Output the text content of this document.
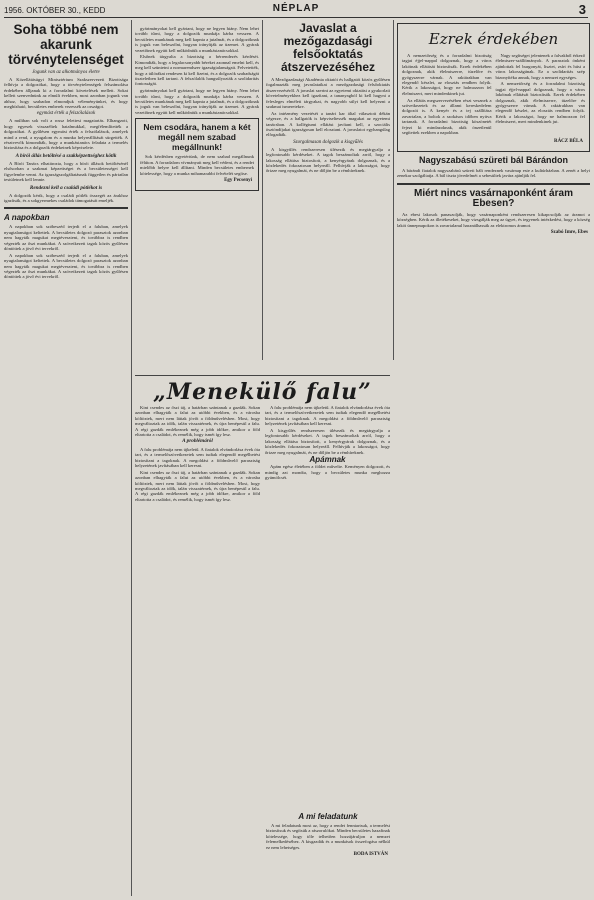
1956. OKTÓBER 30., KEDD	NÉPLAP	3
Soha többé nem akarunk törvénytelenséget
Jogunk van az alkotmányos életre

A Közellátásügyi Minisztérium Szakszervezeti Bizottsága felhívja a dolgozókat, hogy a törvénytelenségek felszámolása érdekében álljanak ki a forradalmi követelések mellett. Sokat kellett szenvednünk az elmúlt években, most azonban jogunk van ahhoz, hogy szabadon elmondjuk véleményünket, és hogy megbízható, becsületes emberek vezessék az országot.

egymást érték a felszólalások

A múltban sok volt a rossz felettesi magatartás. Elhangzott, hogy egyesek visszaéltek hatalmukkal, megfélemlítették a dolgozókat. A gyűlésen egymást érték a felszólalások, amelyek mind a rend, a nyugalom és a munka helyreállítását sürgették. A résztvevők kimondták, hogy a munkástanács feladata a termelés biztosítása és a dolgozók érdekeinek képviselete.

A bírói állás betöltésé a szakképzettséghez kötik

A Bírói Tanács elhatározta, hogy a bírói állások betöltésénél elsősorban a szakmai képzettséget és a becsületességet kell figyelembe venni. Az igazságszolgáltatásnak független és pártatlan testületnek kell lennie.

Rendezni kell a családi pótlékot is

A dolgozók kérik, hogy a családi pótlék összegét az árakhoz igazítsák, és a sokgyermekes családok támogatását emeljék.

A napokban

A napokban sok szóbeszéd terjedt el a faluban, amelyek nyugtalanságot keltettek. A becsületes dolgozó parasztok azonban nem hagyták magukat megtéveszteni, és továbbra is rendben végezték az őszi munkákat. A szövetkezeti tagok közös gyűlésen döntöttek a jövő évi tervekről.

A napokban sok szóbeszéd terjedt el a faluban, amelyek nyugtalanságot keltettek. A becsületes dolgozó parasztok azonban nem hagyták magukat megtéveszteni, és továbbra is rendben végezték az őszi munkákat. A szövetkezeti tagok közös gyűlésen döntöttek a jövő évi tervekről.

gyártmányokat kell gyártani, hogy ne legyen hiány. Nem lehet tovább tűrni, hogy a dolgozók munkája kárba vesszen. A becsületes munkának meg kell kapnia a jutalmát, és a dolgozóknak is joguk van beleszólni, hogyan irányítják az üzemet. A gyárak vezetőinek együtt kell működniük a munkástanácsokkal.

Elsőnek tárgyalta a bizottság a bérrendezés kérdését. Kimondták, hogy a legalacsonyabb béreket azonnal emelni kell, és meg kell szüntetni a normarendszer igazságtalanságait. Felvetették, hogy a túlórákat rendesen ki kell fizetni, és a dolgozók szabadságát tiszteletben kell tartani. A felszólalók hangsúlyozták a szolidaritás fontosságát.

gyártmányokat kell gyártani, hogy ne legyen hiány. Nem lehet tovább tűrni, hogy a dolgozók munkája kárba vesszen. A becsületes munkának meg kell kapnia a jutalmát, és a dolgozóknak is joguk van beleszólni, hogyan irányítják az üzemet. A gyárak vezetőinek együtt kell működniük a munkástanácsokkal.

Nem csodára, hanem a két megáll nem szabad megállnunk!

Sok kérdésben egyetértünk, de nem szabad megállnunk félúton. A forradalom vívmányait meg kell védeni, és a rendet mielőbb helyre kell állítani. Minden becsületes embernek kötelessége, hogy a munka mihamarabbi felvételét segítse.

Egy Pecsenyi
Javaslat a mezőgazdasági felsőoktatás átszervezéséhez

A Mezőgazdasági Akadémia oktatói és hallgatói közös gyűlésen fogalmazták meg javaslataikat a mezőgazdasági felsőoktatás átszervezéséről. A javaslat szerint az egyetemi oktatást a gyakorlati követelményekhez kell igazítani, a tananyagból ki kell hagyni a felesleges elméleti tárgyakat, és nagyobb súlyt kell helyezni a szakmai ismeretekre.

Az intézmény vezetését a tanári kar által választott dékán végezze, és a hallgatók is képviseltessék magukat az egyetemi tanácsban. A kollégiumi ellátást javítani kell, a szociális ösztöndíjakat igazságosan kell elosztani. A javaslatot egyhangúlag elfogadták.

Szorgalmasan dolgozik a kisgyűlés

A kisgyűlés rendszeresen ülésezik és megtárgyalja a legfontosabb kérdéseket. A tagok beszámoltak arról, hogy a lakosság ellátása biztosított, a kenyérgyárak dolgoznak, és a közlekedés fokozatosan helyreáll. Felhívják a lakosságot, hogy őrizze meg nyugalmát, és ne dőljön be a rémhíreknek.

„Menekülő falu”

Kint csendes az őszi táj, a határban szántanak a gazdák. Sokan azonban elhagyták a falut az utóbbi években, és a városba költöztek, mert nem láttak jövőt a földművelésben. Most, hogy megváltoztak az idők, talán visszatérnek, és újra benépesül a falu. A régi gazdák emlékeznek még a jobb időkre, amikor a föld eltartotta a családot, és remélik, hogy ismét így lesz.

A problémáról

A falu problémája nem újkeletű. A fiatalok elvándorlása évek óta tart, és a termelőszövetkezetek sem tudtak elegendő megélhetést biztosítani a tagoknak. A megoldást a földművelő parasztság helyzetének javításában kell keresni.

Kint csendes az őszi táj, a határban szántanak a gazdák. Sokan azonban elhagyták a falut az utóbbi években, és a városba költöztek, mert nem láttak jövőt a földművelésben. Most, hogy megváltoztak az idők, talán visszatérnek, és újra benépesül a falu. A régi gazdák emlékeznek még a jobb időkre, amikor a föld eltartotta a családot, és remélik, hogy ismét így lesz.

A falu problémája nem újkeletű. A fiatalok elvándorlása évek óta tart, és a termelőszövetkezetek sem tudtak elegendő megélhetést biztosítani a tagoknak. A megoldást a földművelő parasztság helyzetének javításában kell keresni.

A kisgyűlés rendszeresen ülésezik és megtárgyalja a legfontosabb kérdéseket. A tagok beszámoltak arról, hogy a lakosság ellátása biztosított, a kenyérgyárak dolgoznak, és a közlekedés fokozatosan helyreáll. Felhívják a lakosságot, hogy őrizze meg nyugalmát, és ne dőljön be a rémhíreknek.

Apámnak

Apám egész életében a földet művelte. Keményen dolgozott, és mindig azt mondta, hogy a becsületes munka meghozza gyümölcsét.

Ezrek érdekében

A nemzetőrség és a forradalmi bizottság tagjai éjjel-nappal dolgoznak, hogy a város lakóinak ellátását biztosítsák. Ezrek érdekében dolgoznak, akik élelmiszerre, tüzelőre és gyógyszerre várnak. A raktárakban van elegendő készlet, az elosztás rendben folyik. Kérik a lakosságot, hogy ne halmozzon fel élelmiszert, mert mindenkinek jut.

Az ellátás megszervezésében részt vesznek a szövetkezetek és az állami kereskedelem dolgozói is. A kenyér és a tej szállítása zavartalan, a boltok a szokásos időben nyitva tartanak. A forradalmi bizottság köszönetét fejezi ki mindazoknak, akik önzetlenül segítettek ezekben a napokban.

Nagy segítséget jelentenek a falvakból érkező élelmiszer-szállítmányok. A parasztok önként ajánlottak fel burgonyát, lisztet, zsírt és húst a város lakosságának. Ez a szolidaritás szép bizonyítéka annak, hogy a nemzet egységes.

A nemzetőrség és a forradalmi bizottság tagjai éjjel-nappal dolgoznak, hogy a város lakóinak ellátását biztosítsák. Ezrek érdekében dolgoznak, akik élelmiszerre, tüzelőre és gyógyszerre várnak. A raktárakban van elegendő készlet, az elosztás rendben folyik. Kérik a lakosságot, hogy ne halmozzon fel élelmiszert, mert mindenkinek jut.

RÁCZ BÉLA
Nagyszabású szüreti bál Bárándon

A bárándi fiatalok nagyszabású szüreti bált rendeznek vasárnap este a kultúrházban. A zenét a helyi zenekar szolgáltatja. A bál tiszta jövedelmét a sebesültek javára ajánlják fel.

Miért nincs vasárnaponként áram Ebesen?

Az ebesi lakosok panaszolják, hogy vasárnaponként rendszeresen kikapcsolják az áramot a községben. Kérik az illetékeseket, hogy vizsgálják meg az ügyet, és tegyenek intézkedést, hogy a község lakói ünnepnapokon is zavartalanul használhassák az elektromos áramot.

Szabó Imre, Ebes
A mi feladatunk

A mi feladatunk most az, hogy a rendet fenntartsuk, a termelést biztosítsuk és segítsük a rászorulókat. Minden becsületes hazafinak kötelessége, hogy tőle telhetően hozzájáruljon a nemzet felemelkedéséhez. A kisgazdák és a munkások összefogása nélkül ez nem lehetséges.

BODA ISTVÁN
